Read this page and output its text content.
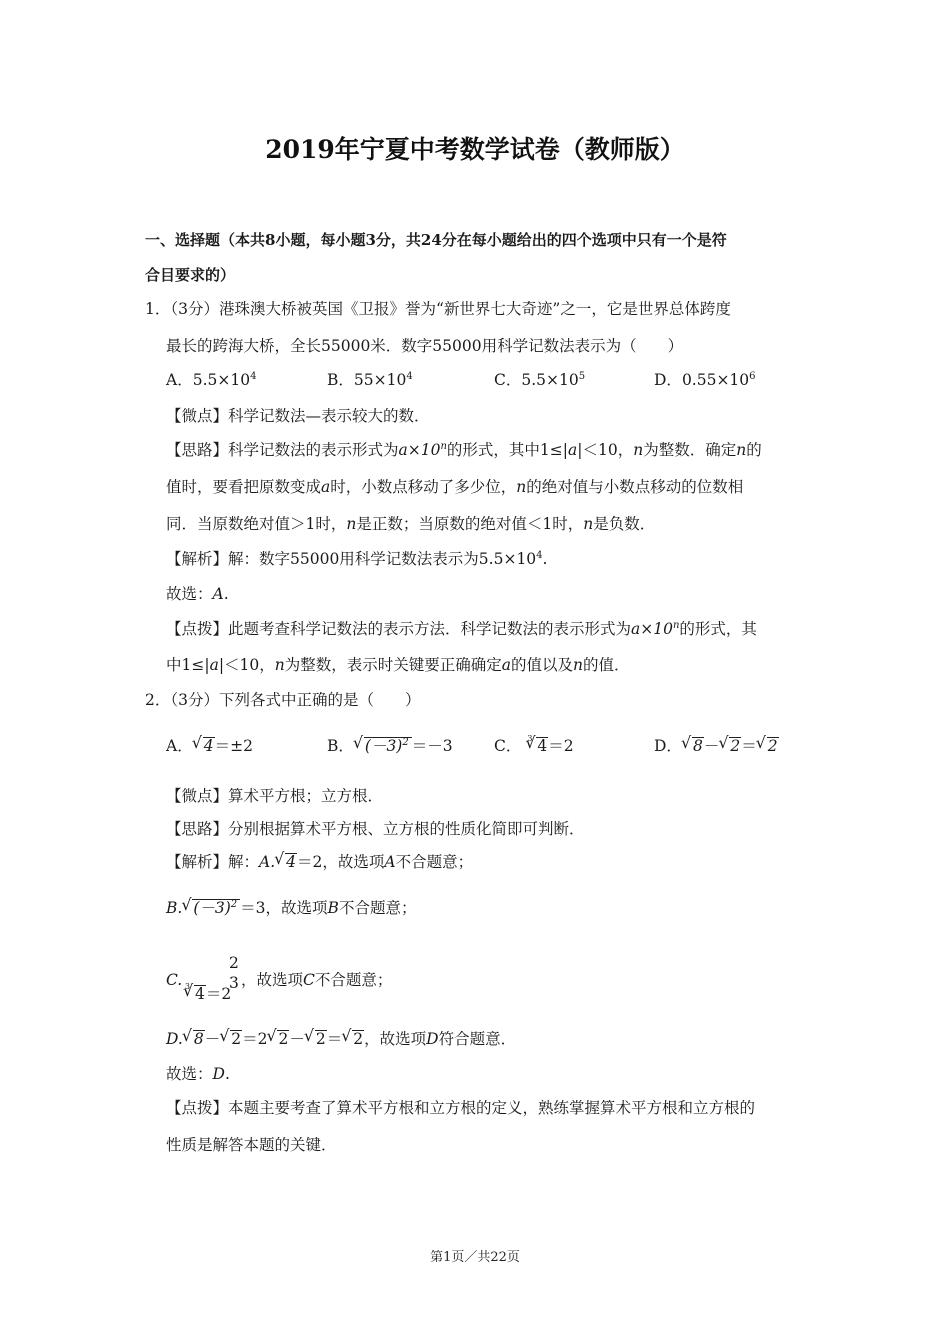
2019年宁夏中考数学试卷（教师版）
一、选择题（本共8小题，每小题3分，共24分在每小题给出的四个选项中只有一个是符
合目要求的）
1．（3分）港珠澳大桥被英国《卫报》誉为“新世界七大奇迹”之一，它是世界总体跨度
最长的跨海大桥，全长55000米．数字55000用科学记数法表示为（　　）
A．$5.5\times 10^4$	B．$55\times 10^4$	C．$5.5\times 10^5$	D．$0.55\times 10^6$
【微点】科学记数法—表示较大的数．
【思路】科学记数法的表示形式为$a\times 10^n$的形式，其中1≤|a|＜10，n为整数．确定n的
值时，要看把原数变成a时，小数点移动了多少位，n的绝对值与小数点移动的位数相
同．当原数绝对值＞1时，n是正数；当原数的绝对值＜1时，n是负数．
【解析】解：数字55000用科学记数法表示为$5.5\times 10^4$.
故选：A.
【点拨】此题考查科学记数法的表示方法．科学记数法的表示形式为$a\times 10^n$的形式，其
中1≤|a|＜10，n为整数，表示时关键要正确确定a的值以及n的值．
2．（3分）下列各式中正确的是（　　）
A． √ 4＝±2	B． √ $(-3)^2 =-3$	C． √ 3 4＝2	D． √ 8－ √ 2＝ √ 2
【微点】算术平方根；立方根．
【思路】分别根据算术平方根、立方根的性质化简即可判断．
【解析】解：A. √ 4＝2，故选项A不合题意；
B. √ $(-3)^2 =3$，故选项B不合题意；
C. √ 3 4＝2
2
3 ，故选项C不合题意；
D. √ 8－ √ 2＝2 √ 2－ √ 2＝ √ 2，故选项D符合题意．
故选：D.
【点拨】本题主要考查了算术平方根和立方根的定义，熟练掌握算术平方根和立方根的
性质是解答本题的关键．
第1页／共22页
